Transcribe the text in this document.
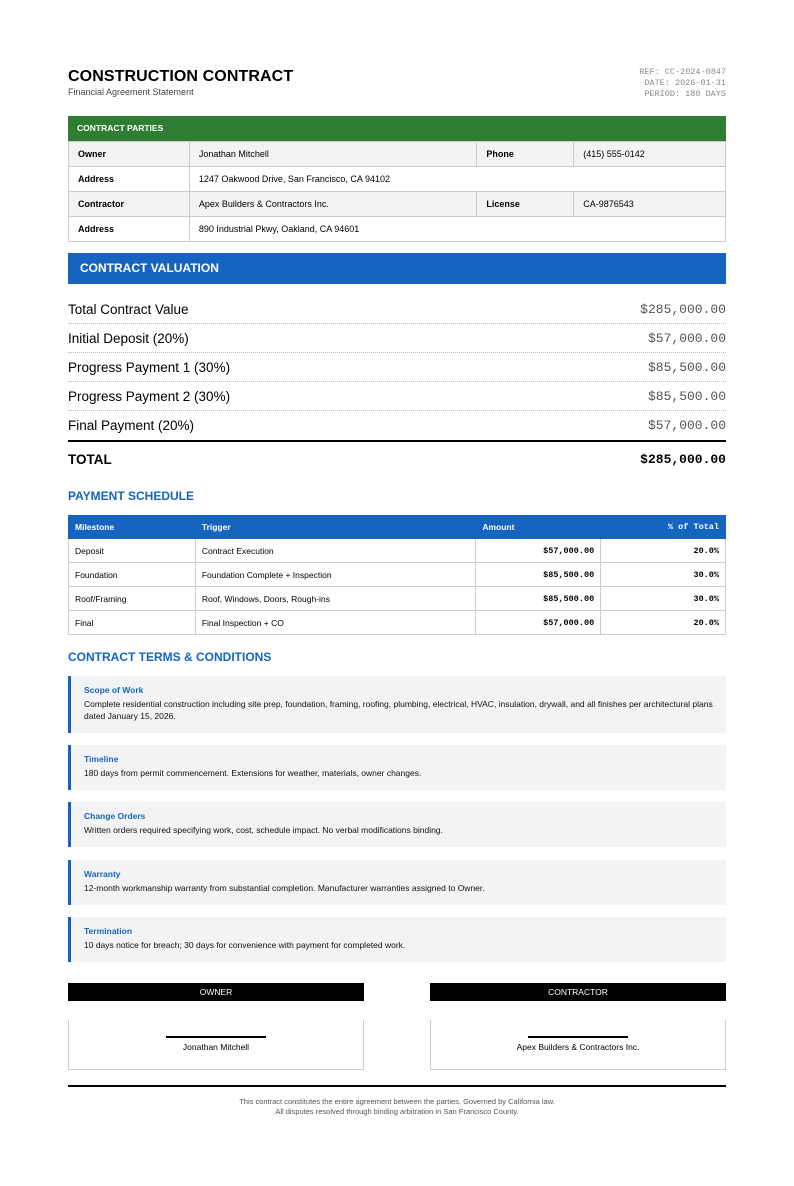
CONSTRUCTION CONTRACT
Financial Agreement Statement
REF: CC-2024-0847
DATE: 2026-01-31
PERIOD: 180 DAYS
CONTRACT PARTIES
Owner	Jonathan Mitchell	Phone	(415) 555-0142
Address	1247 Oakwood Drive, San Francisco, CA 94102		
Contractor	Apex Builders & Contractors Inc.	License	CA-9876543
Address	890 Industrial Pkwy, Oakland, CA 94601		
CONTRACT VALUATION
Total Contract Value	$285,000.00
Initial Deposit (20%)	$57,000.00
Progress Payment 1 (30%)	$85,500.00
Progress Payment 2 (30%)	$85,500.00
Final Payment (20%)	$57,000.00
TOTAL	$285,000.00
PAYMENT SCHEDULE
Milestone	Trigger	Amount	% of Total
Deposit	Contract Execution	$57,000.00	20.0%
Foundation	Foundation Complete + Inspection	$85,500.00	30.0%
Roof/Framing	Roof, Windows, Doors, Rough-ins	$85,500.00	30.0%
Final	Final Inspection + CO	$57,000.00	20.0%
CONTRACT TERMS & CONDITIONS
Scope of Work
Complete residential construction including site prep, foundation, framing, roofing, plumbing, electrical, HVAC, insulation, drywall, and all finishes per architectural plans dated January 15, 2026.
Timeline
180 days from permit commencement. Extensions for weather, materials, owner changes.
Change Orders
Written orders required specifying work, cost, schedule impact. No verbal modifications binding.
Warranty
12-month workmanship warranty from substantial completion. Manufacturer warranties assigned to Owner.
Termination
10 days notice for breach; 30 days for convenience with payment for completed work.
OWNER
Jonathan Mitchell
CONTRACTOR
Apex Builders & Contractors Inc.
This contract constitutes the entire agreement between the parties. Governed by California law.
All disputes resolved through binding arbitration in San Francisco County.
